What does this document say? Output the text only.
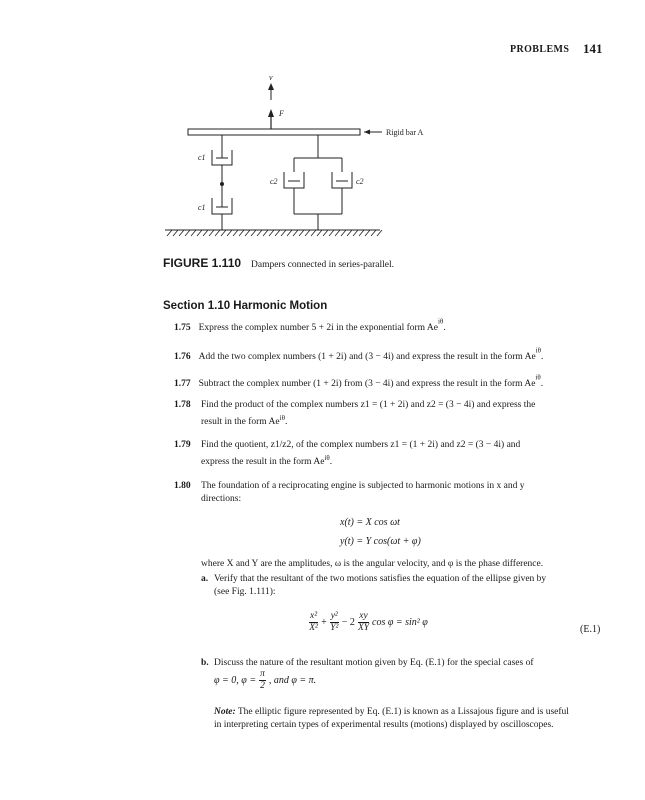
PROBLEMS 141
v
F
Rigid bar A
c1
c1
c2	c2
FIGURE 1.110 Dampers connected in series-parallel.
Section 1.10 Harmonic Motion
1.75 Express the complex number 5 + 2i in the exponential form $Ae^{i\theta}$.
1.76 Add the two complex numbers (1 + 2i) and (3 − 4i) and express the result in the form $Ae^{i\theta}$.
1.77 Subtract the complex number (1 + 2i) from (3 − 4i) and express the result in the form $Ae^{i\theta}$.
1.78 Find the product of the complex numbers z1 = (1 + 2i) and z2 = (3 − 4i) and express the
result in the form $Ae^{i\theta}$.
1.79 Find the quotient, z1/z2, of the complex numbers z1 = (1 + 2i) and z2 = (3 − 4i) and
express the result in the form $Ae^{i\theta}$.
1.80 The foundation of a reciprocating engine is subjected to harmonic motions in x and y
directions:
x(t) = X cos ωt
y(t) = Y cos(ωt + φ)
where X and Y are the amplitudes, ω is the angular velocity, and φ is the phase difference.
a. Verify that the resultant of the two motions satisfies the equation of the ellipse given by
(see Fig. 1.111):
$\frac{\text{x²}}{\text{X²}} + \frac{\text{y²}}{\text{Y²}} - 2 \frac{xy}{XY}$ cos φ = sin² φ
(E.1)
b. Discuss the nature of the resultant motion given by Eq. (E.1) for the special cases of
φ = 0, $\varphi = \frac{\pi}{2}$ , and φ = π.
Note: The elliptic figure represented by Eq. (E.1) is known as a Lissajous figure and is useful
in interpreting certain types of experimental results (motions) displayed by oscilloscopes.
